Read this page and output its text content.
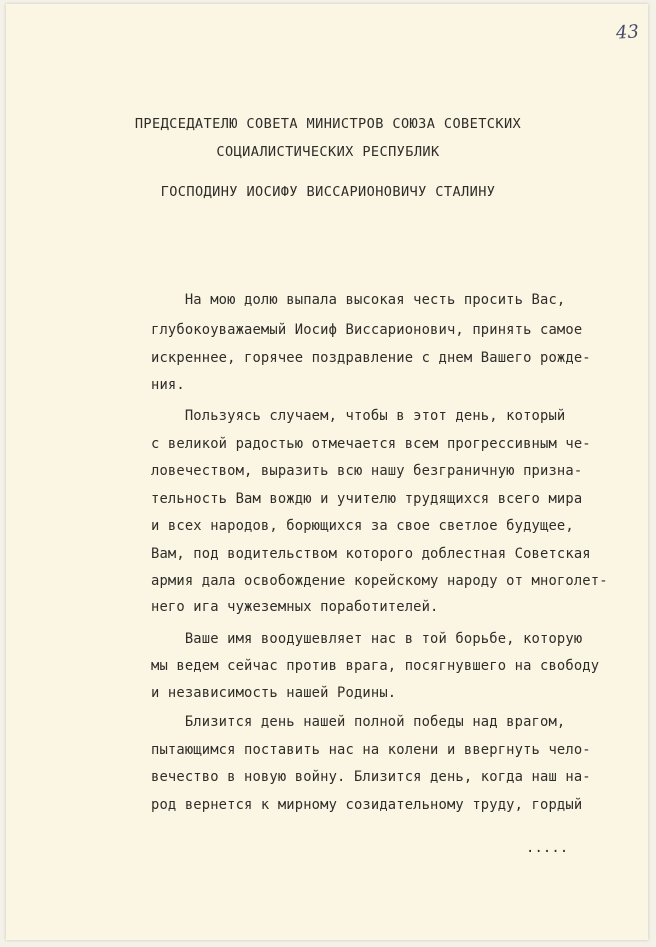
43

ПРЕДСЕДАТЕЛЮ СОВЕТА МИНИСТРОВ СОЮЗА СОВЕТСКИХ

СОЦИАЛИСТИЧЕСКИХ РЕСПУБЛИК

ГОСПОДИНУ ИОСИФУ ВИССАРИОНОВИЧУ СТАЛИНУ

На мою долю выпала высокая честь просить Вас,

глубокоуважаемый Иосиф Виссарионович, принять самое

искреннее, горячее поздравление с днем Вашего рожде-

ния.

Пользуясь случаем, чтобы в этот день, который

с великой радостью отмечается всем прогрессивным че-

ловечеством, выразить всю нашу безграничную призна-

тельность Вам вождю и учителю трудящихся всего мира

и всех народов, борющихся за свое светлое будущее,

Вам, под водительством которого доблестная Советская

армия дала освобождение корейскому народу от многолет-

него ига чужеземных поработителей.

Ваше имя воодушевляет нас в той борьбе, которую

мы ведем сейчас против врага, посягнувшего на свободу

и независимость нашей Родины.

Близится день нашей полной победы над врагом,

пытающимся поставить нас на колени и ввергнуть чело-

вечество в новую войну. Близится день, когда наш на-

род вернется к мирному созидательному труду, гордый

.....
